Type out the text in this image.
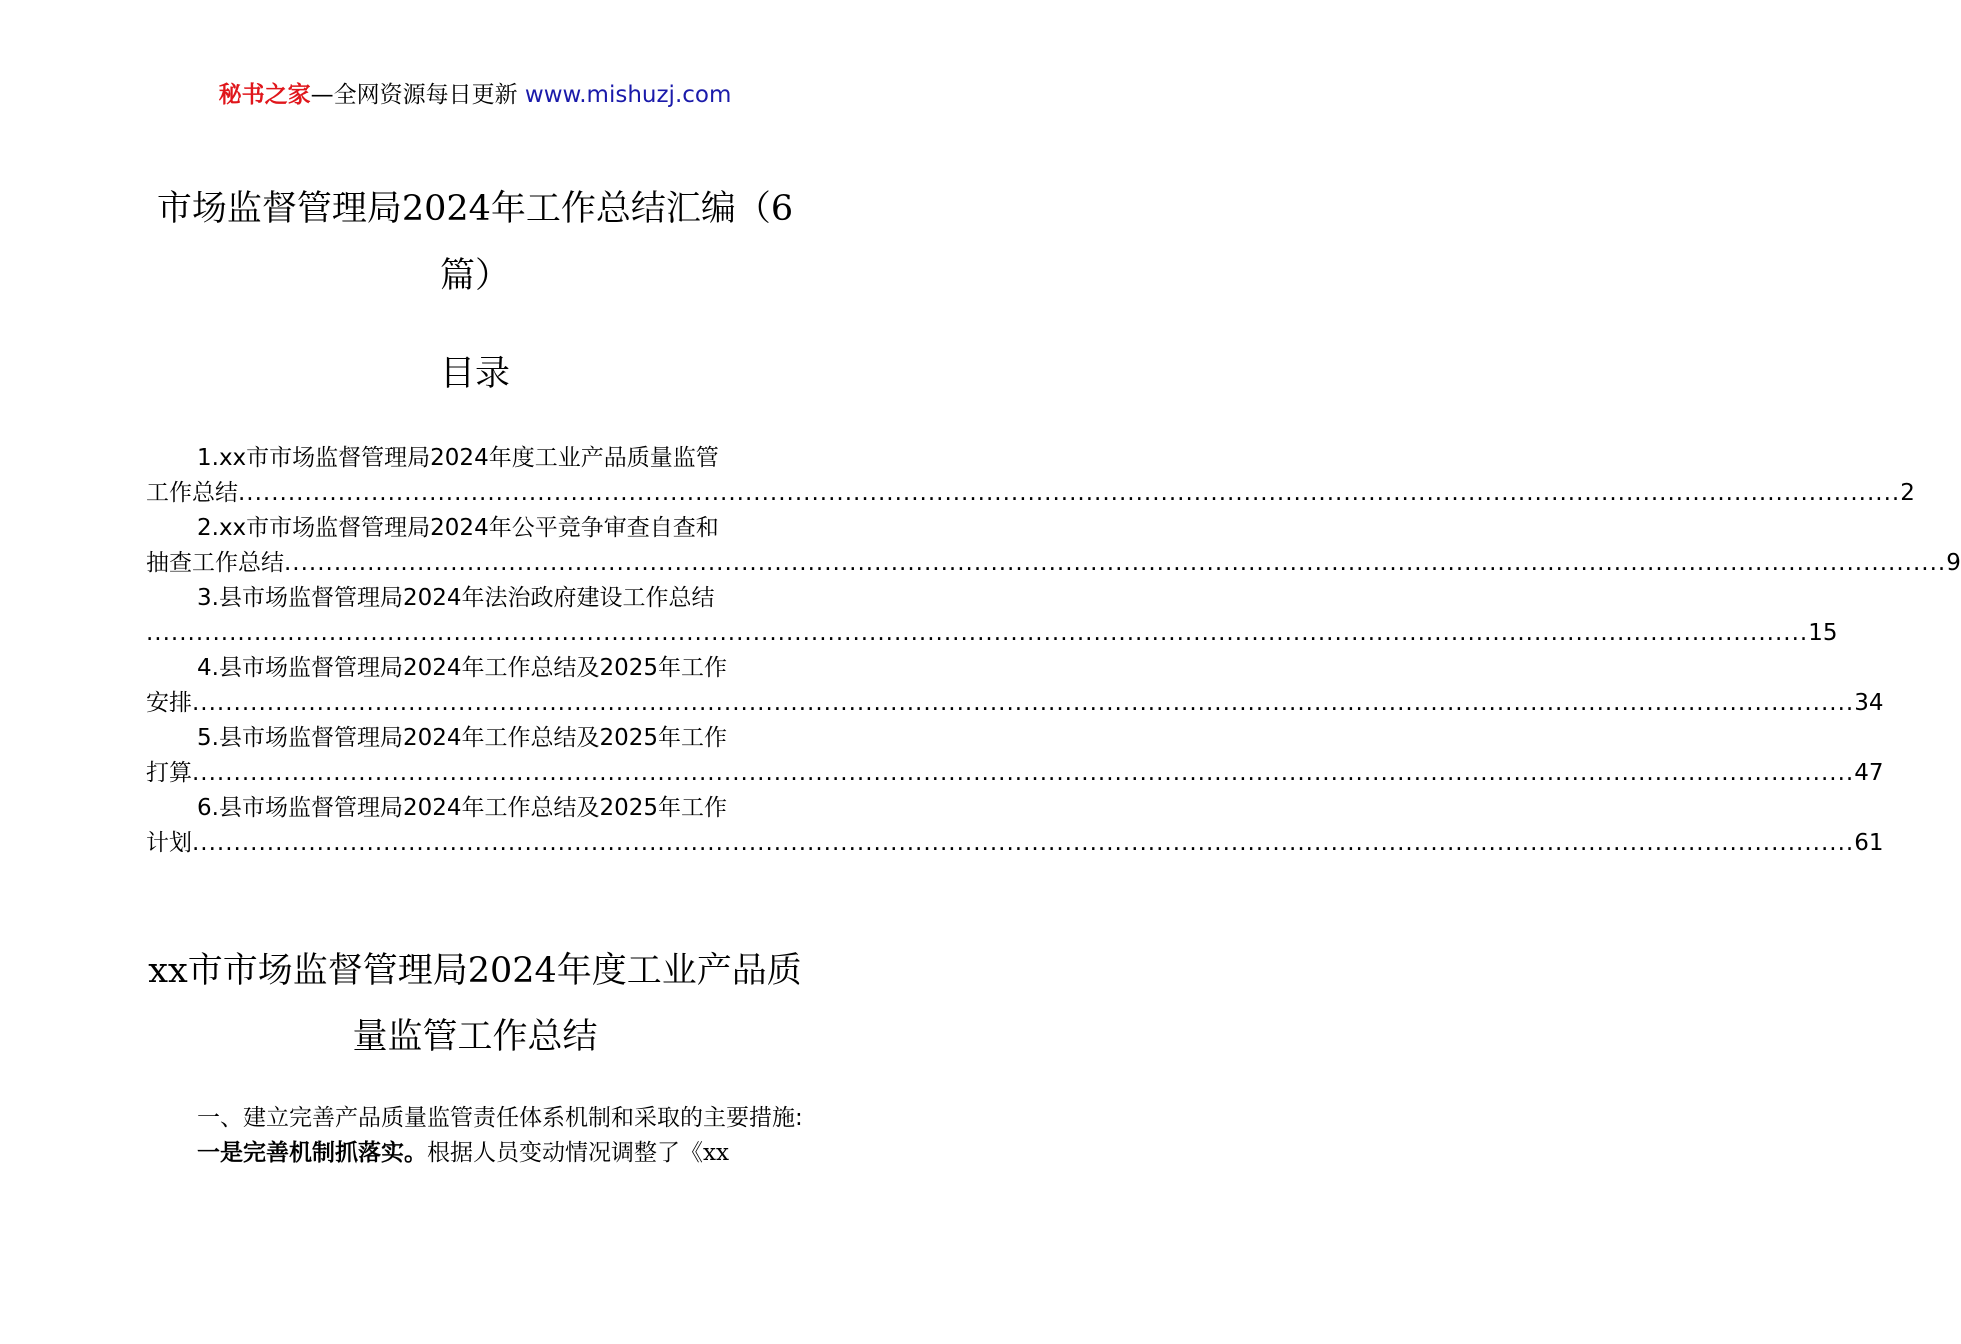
秘书之家—全网资源每日更新 www.mishuzj.com
市场监督管理局2024年工作总结汇编（6篇）
目录
1.xx市市场监督管理局2024年度工业产品质量监管
工作总结 ........................................................................................................................................................................................................ 2
2.xx市市场监督管理局2024年公平竞争审查自查和
抽查工作总结 ........................................................................................................................................................................................................ 9
3.县市场监督管理局2024年法治政府建设工作总结
........................................................................................................................................................................................................ 15
4.县市场监督管理局2024年工作总结及2025年工作
安排 ........................................................................................................................................................................................................ 34
5.县市场监督管理局2024年工作总结及2025年工作
打算 ........................................................................................................................................................................................................ 47
6.县市场监督管理局2024年工作总结及2025年工作
计划 ........................................................................................................................................................................................................ 61
xx市市场监督管理局2024年度工业产品质量监管工作总结

一、建立完善产品质量监管责任体系机制和采取的主要措施:

一是完善机制抓落实。根据人员变动情况调整了《xx
